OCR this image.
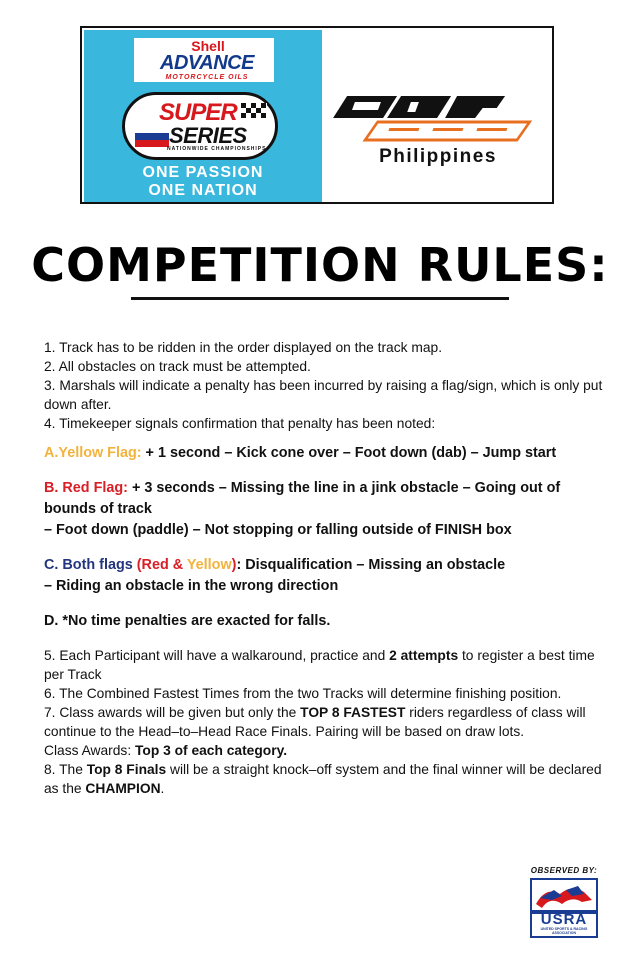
Shell
ADVANCE
MOTORCYCLE OILS
SUPER
SERIES
NATIONWIDE CHAMPIONSHIPS
ONE PASSION
ONE NATION
Philippines
COMPETITION RULES:

1. Track has to be ridden in the order displayed on the track map.

2. All obstacles on track must be attempted.

3. Marshals will indicate a penalty has been incurred by raising a flag/sign, which is only put down after.

4. Timekeeper signals confirmation that penalty has been noted:

A.Yellow Flag: + 1 second – Kick cone over – Foot down (dab) – Jump start

B. Red Flag: + 3 seconds – Missing the line in a jink obstacle – Going out of bounds of track

– Foot down (paddle) – Not stopping or falling outside of FINISH box

C. Both flags (Red & Yellow): Disqualification – Missing an obstacle

– Riding an obstacle in the wrong direction

D. *No time penalties are exacted for falls.

5. Each Participant will have a walkaround, practice and 2 attempts to register a best time per Track

6. The Combined Fastest Times from the two Tracks will determine finishing position.

7. Class awards will be given but only the TOP 8 FASTEST riders regardless of class will continue to the Head–to–Head Race Finals. Pairing will be based on draw lots.

Class Awards: Top 3 of each category.

8. The Top 8 Finals will be a straight knock–off system and the final winner will be declared as the CHAMPION.

OBSERVED BY:
USRA
UNITED SPORTS & RACING ASSOCIATION
